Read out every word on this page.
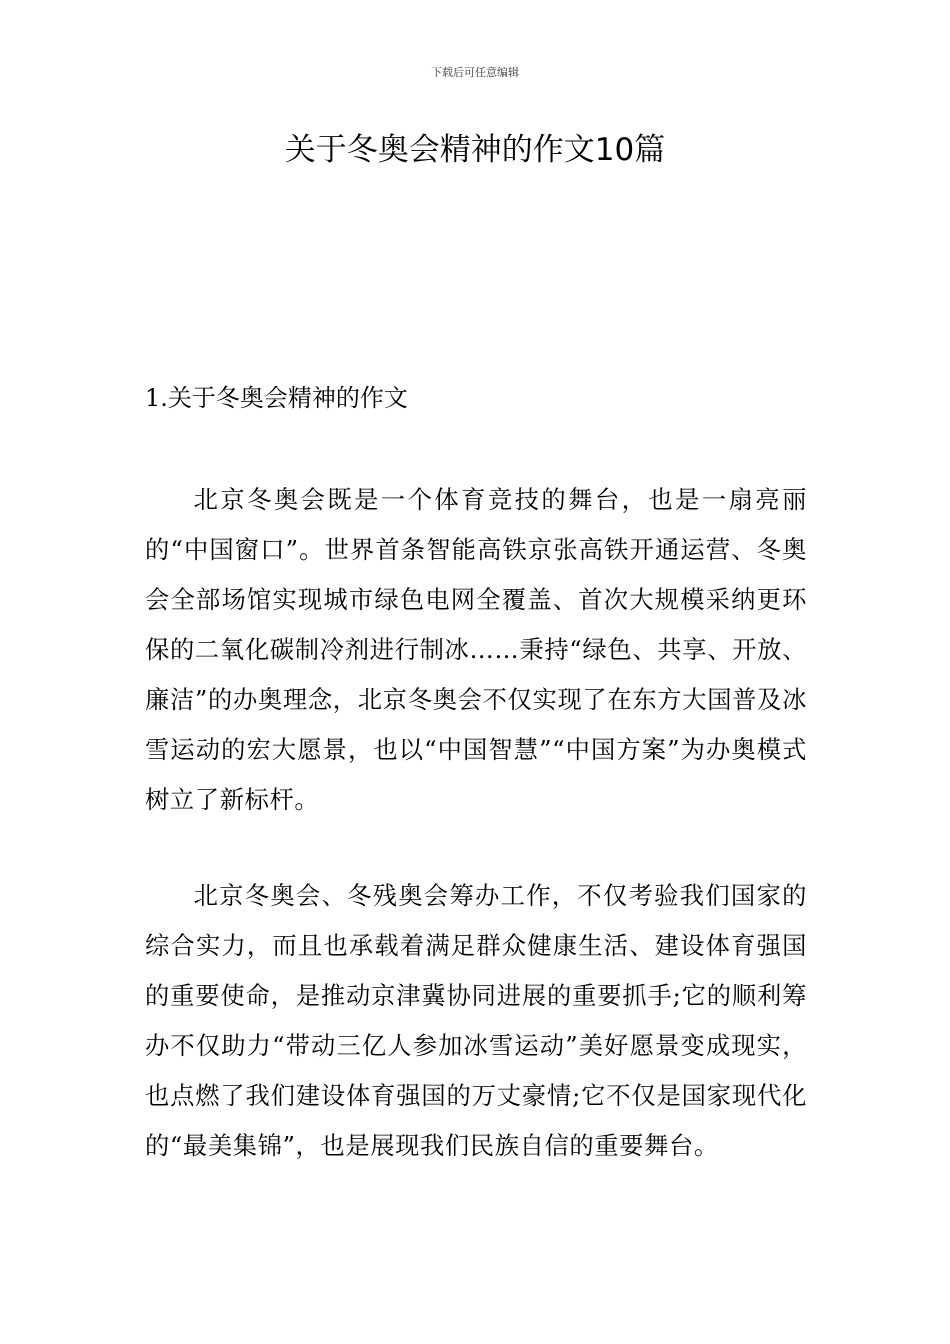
下载后可任意编辑
关于冬奥会精神的作文10篇
1.关于冬奥会精神的作文

北京冬奥会既是一个体育竞技的舞台，也是一扇亮丽的“中国窗口”。世界首条智能高铁京张高铁开通运营、冬奥会全部场馆实现城市绿色电网全覆盖、首次大规模采纳更环保的二氧化碳制冷剂进行制冰……秉持“绿色、共享、开放、廉洁”的办奥理念，北京冬奥会不仅实现了在东方大国普及冰雪运动的宏大愿景，也以“中国智慧”“中国方案”为办奥模式树立了新标杆。

北京冬奥会、冬残奥会筹办工作，不仅考验我们国家的综合实力，而且也承载着满足群众健康生活、建设体育强国的重要使命，是推动京津冀协同进展的重要抓手;它的顺利筹办不仅助力“带动三亿人参加冰雪运动”美好愿景变成现实，也点燃了我们建设体育强国的万丈豪情;它不仅是国家现代化的“最美集锦”，也是展现我们民族自信的重要舞台。
